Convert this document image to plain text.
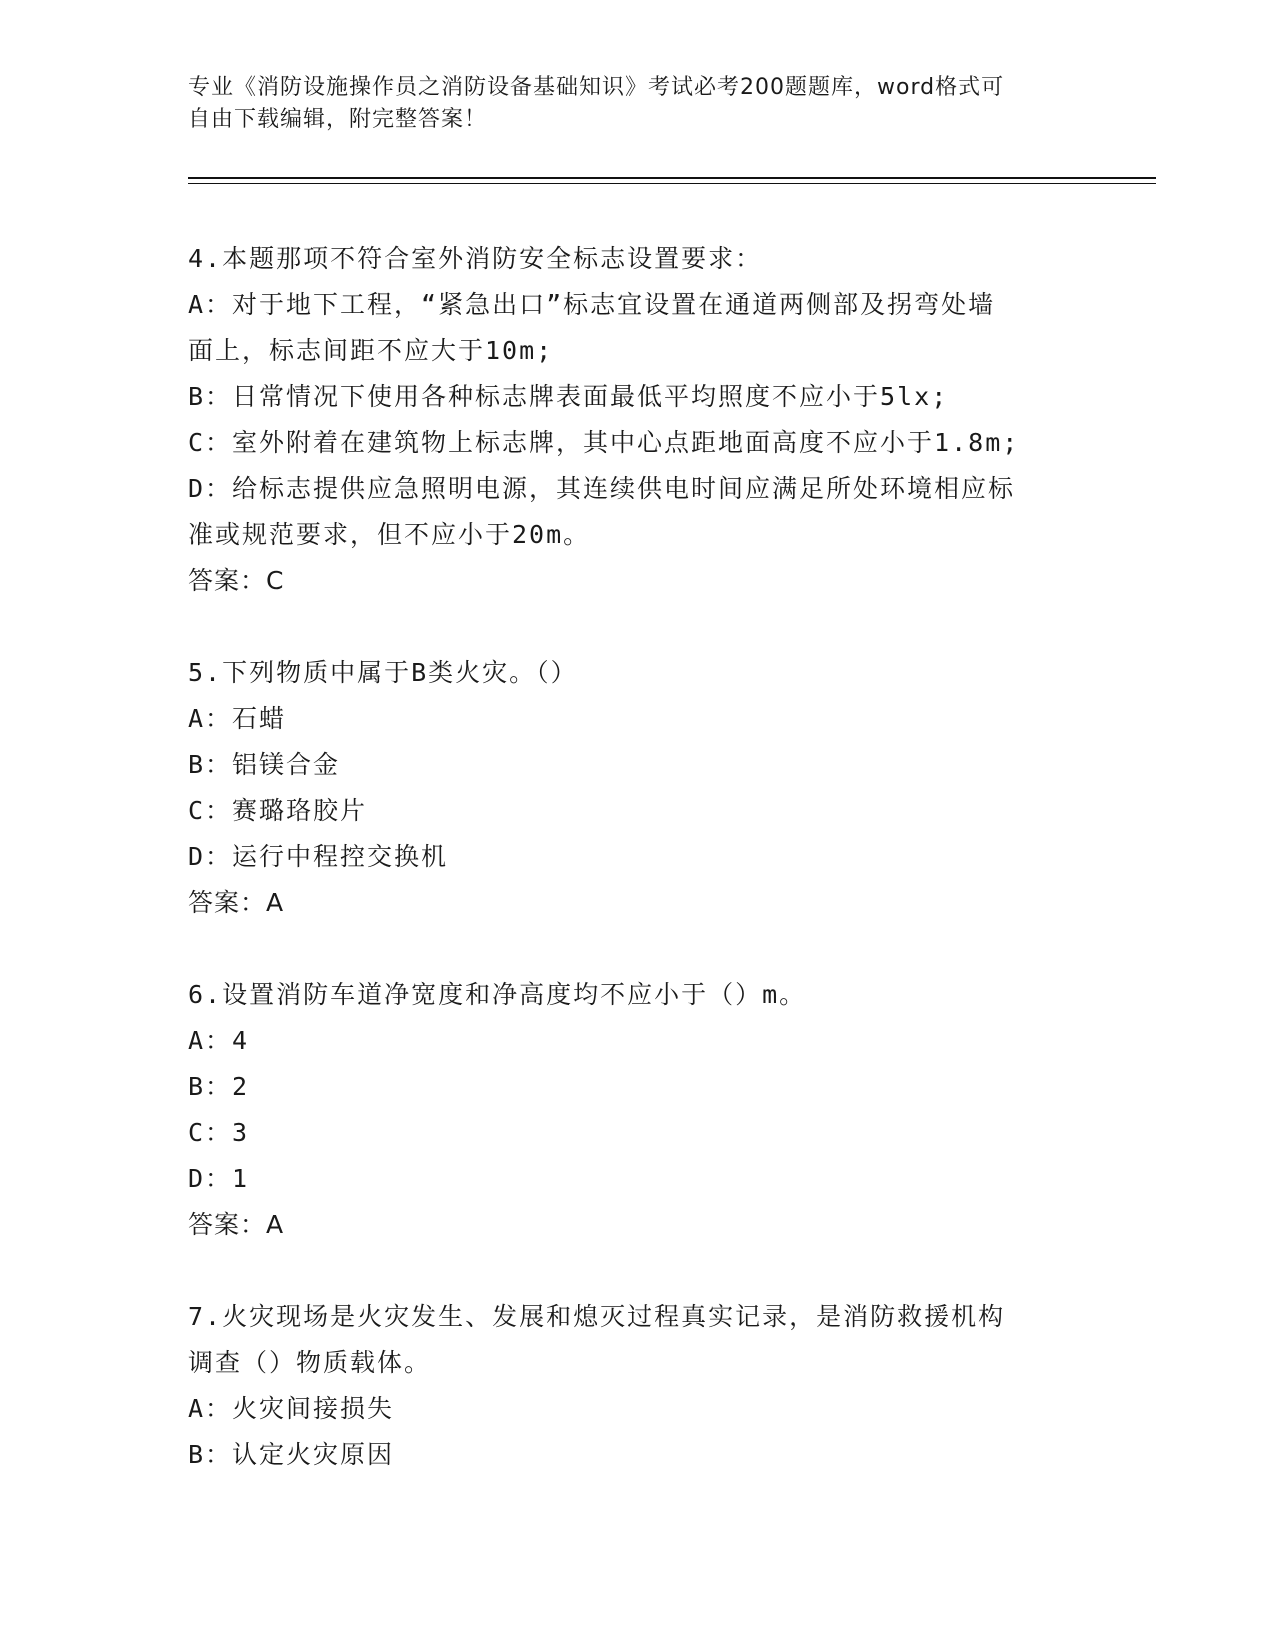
专业《消防设施操作员之消防设备基础知识》考试必考200题题库，word格式可
自由下载编辑，附完整答案！

4.本题那项不符合室外消防安全标志设置要求：

A：对于地下工程，“紧急出口”标志宜设置在通道两侧部及拐弯处墙

面上，标志间距不应大于10m;

B：日常情况下使用各种标志牌表面最低平均照度不应小于5lx;

C：室外附着在建筑物上标志牌，其中心点距地面高度不应小于1.8m;

D：给标志提供应急照明电源，其连续供电时间应满足所处环境相应标

准或规范要求，但不应小于20m。

答案：C

5.下列物质中属于B类火灾。（）

A：石蜡

B：铝镁合金

C：赛璐珞胶片

D：运行中程控交换机

答案：A

6.设置消防车道净宽度和净高度均不应小于（）m。

A：4

B：2

C：3

D：1

答案：A

7.火灾现场是火灾发生、发展和熄灭过程真实记录，是消防救援机构

调查（）物质载体。

A：火灾间接损失

B：认定火灾原因
